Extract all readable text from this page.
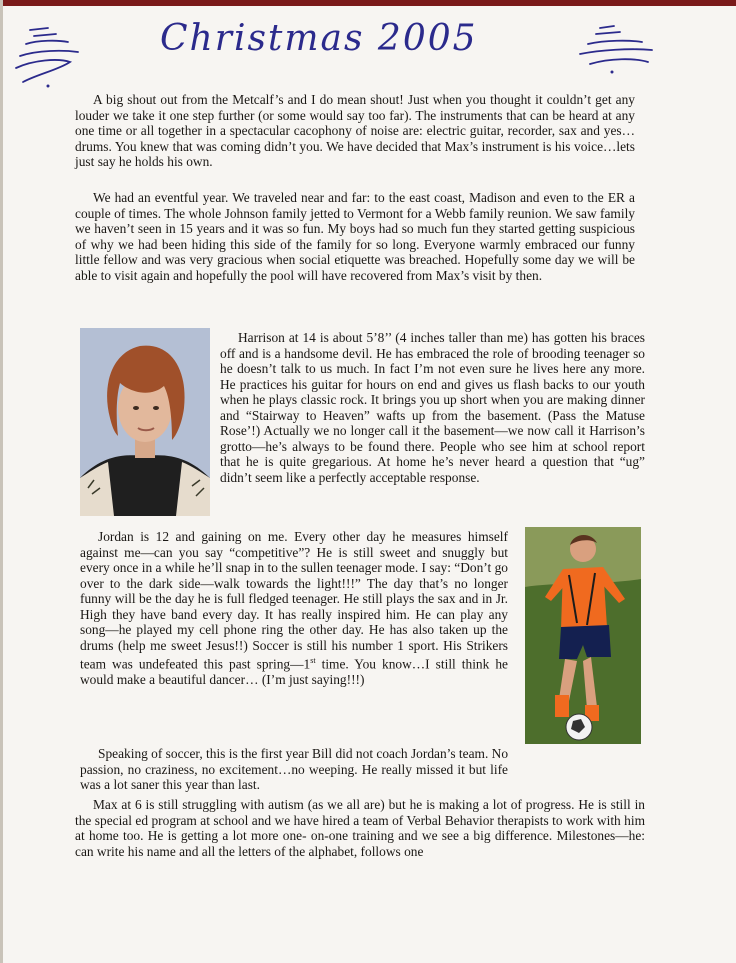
Christmas 2005

A big shout out from the Metcalf’s and I do mean shout! Just when you thought it couldn’t get any louder we take it one step further (or some would say too far). The instruments that can be heard at any one time or all together in a spectacular cacophony of noise are: electric guitar, recorder, sax and yes…drums. You knew that was coming didn’t you. We have decided that Max’s instrument is his voice…lets just say he holds his own.

We had an eventful year. We traveled near and far: to the east coast, Madison and even to the ER a couple of times. The whole Johnson family jetted to Vermont for a Webb family reunion. We saw family we haven’t seen in 15 years and it was so fun. My boys had so much fun they started getting suspicious of why we had been hiding this side of the family for so long. Everyone warmly embraced our funny little fellow and was very gracious when social etiquette was breached. Hopefully some day we will be able to visit again and hopefully the pool will have recovered from Max’s visit by then.

Harrison at 14 is about 5’8’’ (4 inches taller than me) has gotten his braces off and is a handsome devil. He has embraced the role of brooding teenager so he doesn’t talk to us much. In fact I’m not even sure he lives here any more. He practices his guitar for hours on end and gives us flash backs to our youth when he plays classic rock. It brings you up short when you are making dinner and “Stairway to Heaven” wafts up from the basement. (Pass the Matuse Rose’!) Actually we no longer call it the basement—we now call it Harrison’s grotto—he’s always to be found there. People who see him at school report that he is quite gregarious. At home he’s never heard a question that “ug” didn’t seem like a perfectly acceptable response.

Jordan is 12 and gaining on me. Every other day he measures himself against me—can you say “competitive”? He is still sweet and snuggly but every once in a while he’ll snap in to the sullen teenager mode. I say: “Don’t go over to the dark side—walk towards the light!!!” The day that’s no longer funny will be the day he is full fledged teenager. He still plays the sax and in Jr. High they have band every day. It has really inspired him. He can play any song—he played my cell phone ring the other day. He has also taken up the drums (help me sweet Jesus!!) Soccer is still his number 1 sport. His Strikers team was undefeated this past spring—1st time. You know…I still think he would make a beautiful dancer… (I’m just saying!!!)

Speaking of soccer, this is the first year Bill did not coach Jordan’s team. No passion, no craziness, no excitement…no weeping. He really missed it but life was a lot saner this year than last.

Max at 6 is still struggling with autism (as we all are) but he is making a lot of progress. He is still in the special ed program at school and we have hired a team of Verbal Behavior therapists to work with him at home too. He is getting a lot more one- on-one training and we see a big difference. Milestones—he: can write his name and all the letters of the alphabet, follows one
